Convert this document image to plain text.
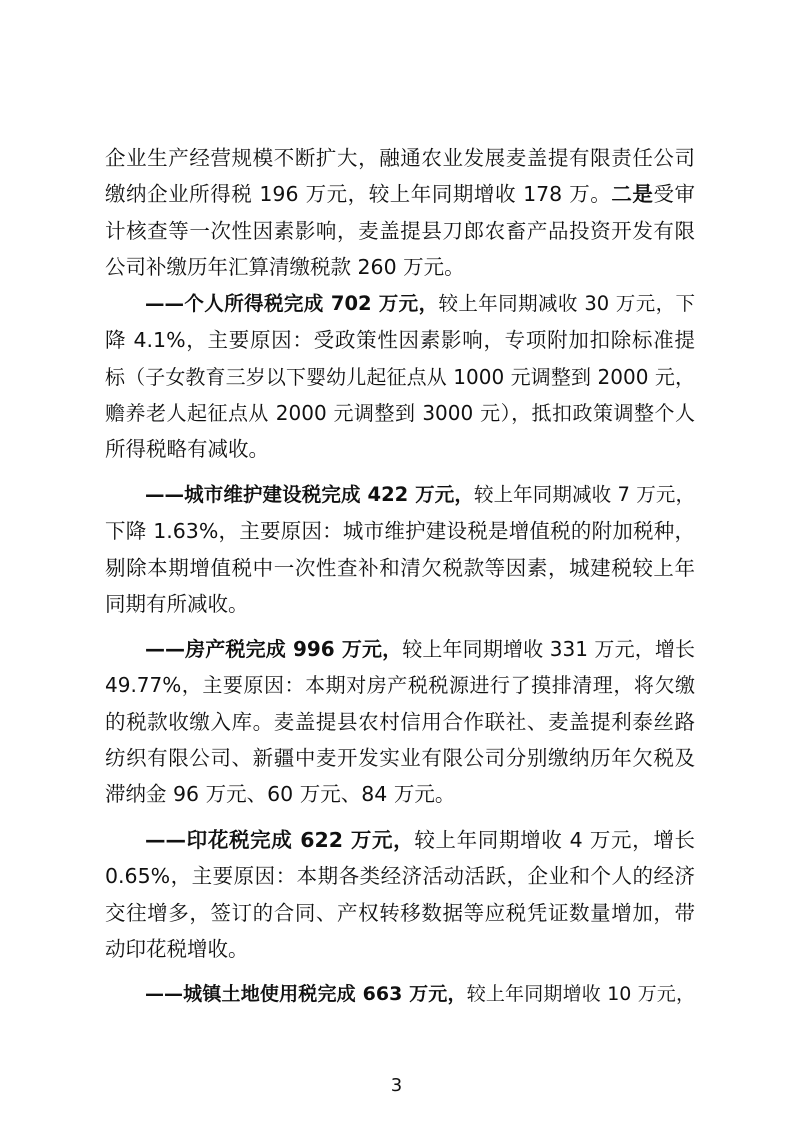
企业生产经营规模不断扩大，融通农业发展麦盖提有限责任公司
缴纳企业所得税 196 万元，较上年同期增收 178 万。二是受审
计核查等一次性因素影响，麦盖提县刀郎农畜产品投资开发有限
公司补缴历年汇算清缴税款 260 万元。
——个人所得税完成 702 万元，较上年同期减收 30 万元，下
降 4.1%，主要原因：受政策性因素影响，专项附加扣除标准提
标（子女教育三岁以下婴幼儿起征点从 1000 元调整到 2000 元，
赡养老人起征点从 2000 元调整到 3000 元），抵扣政策调整个人
所得税略有减收。
——城市维护建设税完成 422 万元，较上年同期减收 7 万元，
下降 1.63%，主要原因：城市维护建设税是增值税的附加税种，
剔除本期增值税中一次性查补和清欠税款等因素，城建税较上年
同期有所减收。
——房产税完成 996 万元，较上年同期增收 331 万元，增长
49.77%，主要原因：本期对房产税税源进行了摸排清理，将欠缴
的税款收缴入库。麦盖提县农村信用合作联社、麦盖提利泰丝路
纺织有限公司、新疆中麦开发实业有限公司分别缴纳历年欠税及
滞纳金 96 万元、60 万元、84 万元。
——印花税完成 622 万元，较上年同期增收 4 万元，增长
0.65%，主要原因：本期各类经济活动活跃，企业和个人的经济
交往增多，签订的合同、产权转移数据等应税凭证数量增加，带
动印花税增收。
——城镇土地使用税完成 663 万元，较上年同期增收 10 万元，
3
